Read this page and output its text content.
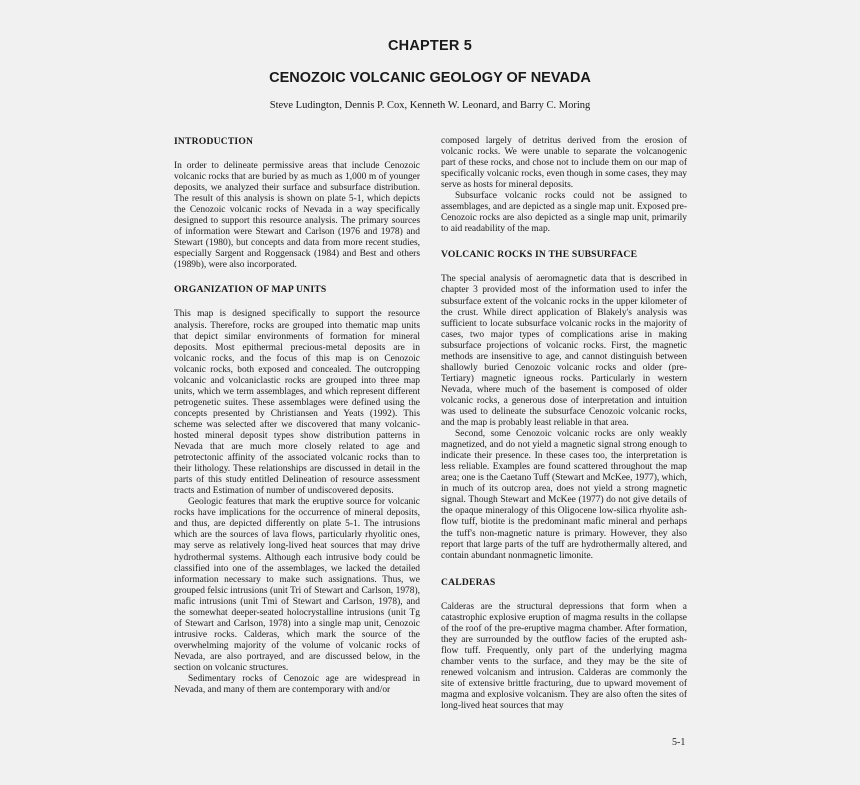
CHAPTER 5
CENOZOIC VOLCANIC GEOLOGY OF NEVADA
Steve Ludington, Dennis P. Cox, Kenneth W. Leonard, and Barry C. Moring
INTRODUCTION

In order to delineate permissive areas that include Cenozoic volcanic rocks that are buried by as much as 1,000 m of younger deposits, we analyzed their surface and subsurface distribution. The result of this analysis is shown on plate 5-1, which depicts the Cenozoic volcanic rocks of Nevada in a way specifically designed to support this resource analysis. The primary sources of information were Stewart and Carlson (1976 and 1978) and Stewart (1980), but concepts and data from more recent studies, especially Sargent and Roggensack (1984) and Best and others (1989b), were also incorporated.

ORGANIZATION OF MAP UNITS

This map is designed specifically to support the resource analysis. Therefore, rocks are grouped into thematic map units that depict similar environments of formation for mineral deposits. Most epithermal precious-metal deposits are in volcanic rocks, and the focus of this map is on Cenozoic volcanic rocks, both exposed and concealed. The outcropping volcanic and volcaniclastic rocks are grouped into three map units, which we term assemblages, and which represent different petrogenetic suites. These assemblages were defined using the concepts presented by Christiansen and Yeats (1992). This scheme was selected after we discovered that many volcanic-hosted mineral deposit types show distribution patterns in Nevada that are much more closely related to age and petrotectonic affinity of the associated volcanic rocks than to their lithology. These relationships are discussed in detail in the parts of this study entitled Delineation of resource assessment tracts and Estimation of number of undiscovered deposits.

Geologic features that mark the eruptive source for volcanic rocks have implications for the occurrence of mineral deposits, and thus, are depicted differently on plate 5-1. The intrusions which are the sources of lava flows, particularly rhyolitic ones, may serve as relatively long-lived heat sources that may drive hydrothermal systems. Although each intrusive body could be classified into one of the assemblages, we lacked the detailed information necessary to make such assignations. Thus, we grouped felsic intrusions (unit Tri of Stewart and Carlson, 1978), mafic intrusions (unit Tmi of Stewart and Carlson, 1978), and the somewhat deeper-seated holocrystalline intrusions (unit Tg of Stewart and Carlson, 1978) into a single map unit, Cenozoic intrusive rocks. Calderas, which mark the source of the overwhelming majority of the volume of volcanic rocks of Nevada, are also portrayed, and are discussed below, in the section on volcanic structures.

Sedimentary rocks of Cenozoic age are widespread in Nevada, and many of them are contemporary with and/or

composed largely of detritus derived from the erosion of volcanic rocks. We were unable to separate the volcanogenic part of these rocks, and chose not to include them on our map of specifically volcanic rocks, even though in some cases, they may serve as hosts for mineral deposits.

Subsurface volcanic rocks could not be assigned to assemblages, and are depicted as a single map unit. Exposed pre-Cenozoic rocks are also depicted as a single map unit, primarily to aid readability of the map.

VOLCANIC ROCKS IN THE SUBSURFACE

The special analysis of aeromagnetic data that is described in chapter 3 provided most of the information used to infer the subsurface extent of the volcanic rocks in the upper kilometer of the crust. While direct application of Blakely's analysis was sufficient to locate subsurface volcanic rocks in the majority of cases, two major types of complications arise in making subsurface projections of volcanic rocks. First, the magnetic methods are insensitive to age, and cannot distinguish between shallowly buried Cenozoic volcanic rocks and older (pre-Tertiary) magnetic igneous rocks. Particularly in western Nevada, where much of the basement is composed of older volcanic rocks, a generous dose of interpretation and intuition was used to delineate the subsurface Cenozoic volcanic rocks, and the map is probably least reliable in that area.

Second, some Cenozoic volcanic rocks are only weakly magnetized, and do not yield a magnetic signal strong enough to indicate their presence. In these cases too, the interpretation is less reliable. Examples are found scattered throughout the map area; one is the Caetano Tuff (Stewart and McKee, 1977), which, in much of its outcrop area, does not yield a strong magnetic signal. Though Stewart and McKee (1977) do not give details of the opaque mineralogy of this Oligocene low-silica rhyolite ash-flow tuff, biotite is the predominant mafic mineral and perhaps the tuff's non-magnetic nature is primary. However, they also report that large parts of the tuff are hydrothermally altered, and contain abundant nonmagnetic limonite.

CALDERAS

Calderas are the structural depressions that form when a catastrophic explosive eruption of magma results in the collapse of the roof of the pre-eruptive magma chamber. After formation, they are surrounded by the outflow facies of the erupted ash-flow tuff. Frequently, only part of the underlying magma chamber vents to the surface, and they may be the site of renewed volcanism and intrusion. Calderas are commonly the site of extensive brittle fracturing, due to upward movement of magma and explosive volcanism. They are also often the sites of long-lived heat sources that may

5-1
